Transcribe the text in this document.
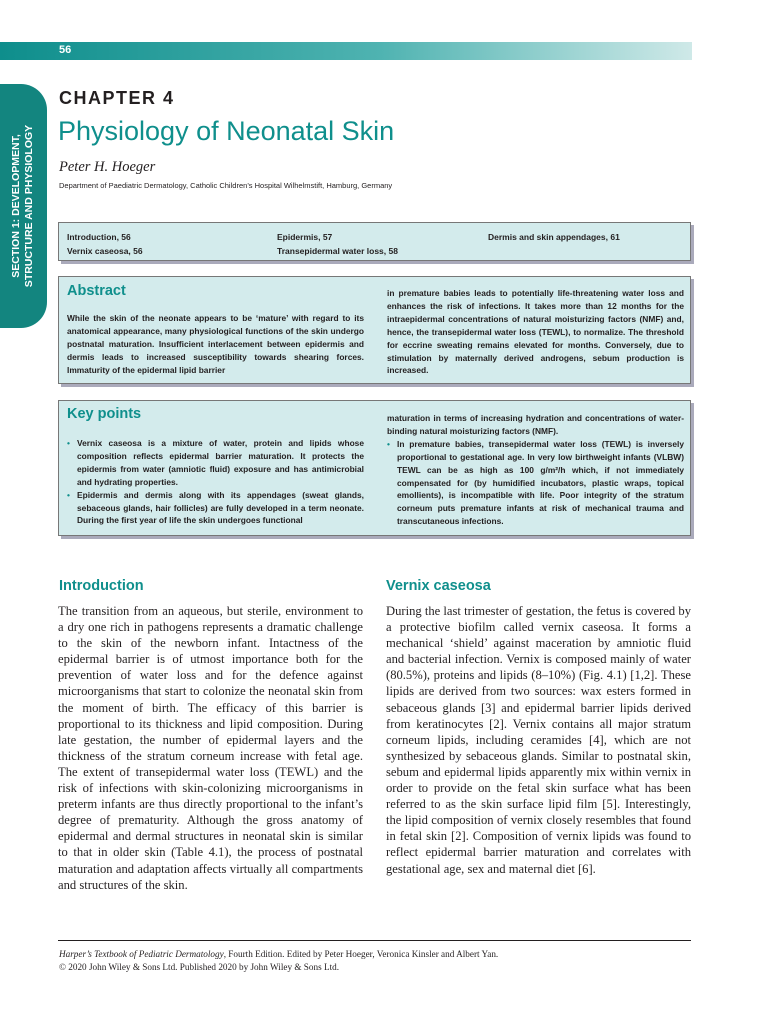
56
SECTION 1: DEVELOPMENT, STRUCTURE AND PHYSIOLOGY
CHAPTER 4
Physiology of Neonatal Skin
Peter H. Hoeger
Department of Paediatric Dermatology, Catholic Children’s Hospital Wilhelmstift, Hamburg, Germany
Introduction, 56
Vernix caseosa, 56
Epidermis, 57
Transepidermal water loss, 58
Dermis and skin appendages, 61
Abstract
While the skin of the neonate appears to be ‘mature’ with regard to its anatomical appearance, many physiological functions of the skin undergo postnatal maturation. Insufficient interlacement between epidermis and dermis leads to increased susceptibility towards shearing forces. Immaturity of the epidermal lipid barrier
in premature babies leads to potentially life-threatening water loss and enhances the risk of infections. It takes more than 12 months for the intraepidermal concentrations of natural moisturizing factors (NMF) and, hence, the transepidermal water loss (TEWL), to normalize. The threshold for eccrine sweating remains elevated for months. Conversely, due to stimulation by maternally derived androgens, sebum production is increased.
Key points
• Vernix caseosa is a mixture of water, protein and lipids whose composition reflects epidermal barrier maturation. It protects the epidermis from water (amniotic fluid) exposure and has antimicrobial and hydrating properties.
• Epidermis and dermis along with its appendages (sweat glands, sebaceous glands, hair follicles) are fully developed in a term neonate. During the first year of life the skin undergoes functional
maturation in terms of increasing hydration and concentrations of water-binding natural moisturizing factors (NMF).
• In premature babies, transepidermal water loss (TEWL) is inversely proportional to gestational age. In very low birthweight infants (VLBW) TEWL can be as high as 100 g/m²/h which, if not immediately compensated for (by humidified incubators, plastic wraps, topical emollients), is incompatible with life. Poor integrity of the stratum corneum puts premature infants at risk of mechanical trauma and transcutaneous infections.
Introduction
The transition from an aqueous, but sterile, environment to a dry one rich in pathogens represents a dramatic challenge to the skin of the newborn infant. Intactness of the epidermal barrier is of utmost importance both for the prevention of water loss and for the defence against microorganisms that start to colonize the neonatal skin from the moment of birth. The efficacy of this barrier is proportional to its thickness and lipid composition. During late gestation, the number of epidermal layers and the thickness of the stratum corneum increase with fetal age. The extent of transepidermal water loss (TEWL) and the risk of infections with skin-colonizing microorganisms in preterm infants are thus directly proportional to the infant’s degree of prematurity. Although the gross anatomy of epidermal and dermal structures in neonatal skin is similar to that in older skin (Table 4.1), the process of postnatal maturation and adaptation affects virtually all compartments and structures of the skin.
Vernix caseosa
During the last trimester of gestation, the fetus is covered by a protective biofilm called vernix caseosa. It forms a mechanical ‘shield’ against maceration by amniotic fluid and bacterial infection. Vernix is composed mainly of water (80.5%), proteins and lipids (8–10%) (Fig. 4.1) [1,2]. These lipids are derived from two sources: wax esters formed in sebaceous glands [3] and epidermal barrier lipids derived from keratinocytes [2]. Vernix contains all major stratum corneum lipids, including ceramides [4], which are not synthesized by sebaceous glands. Similar to postnatal skin, sebum and epidermal lipids apparently mix within vernix in order to provide on the fetal skin surface what has been referred to as the skin surface lipid film [5]. Interestingly, the lipid composition of vernix closely resembles that found in fetal skin [2]. Composition of vernix lipids was found to reflect epidermal barrier maturation and correlates with gestational age, sex and maternal diet [6].
Harper’s Textbook of Pediatric Dermatology, Fourth Edition. Edited by Peter Hoeger, Veronica Kinsler and Albert Yan.
© 2020 John Wiley & Sons Ltd. Published 2020 by John Wiley & Sons Ltd.
